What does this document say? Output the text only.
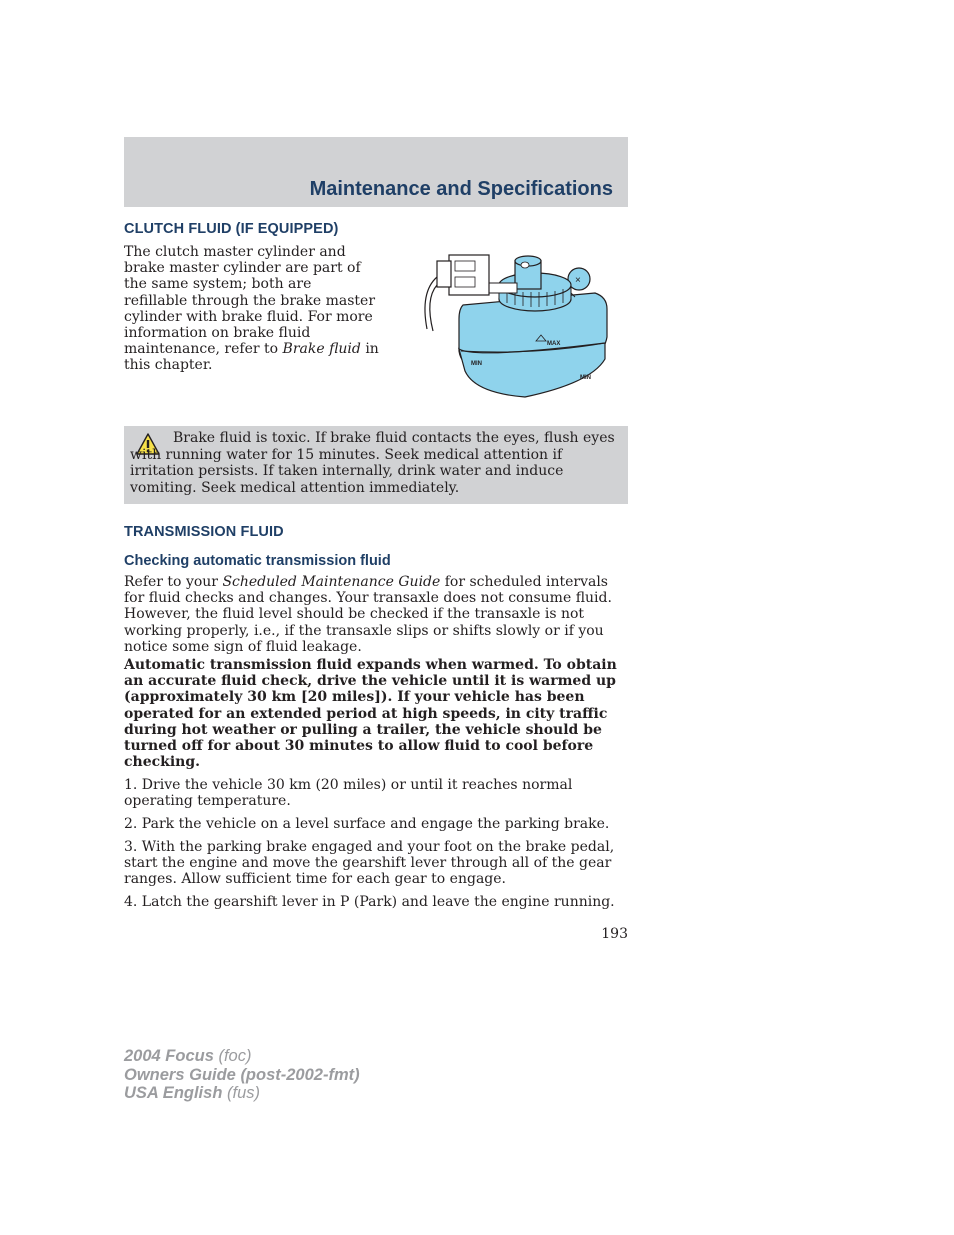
Maintenance and Specifications
CLUTCH FLUID (IF EQUIPPED)

The clutch master cylinder and brake master cylinder are part of the same system; both are refillable through the brake master cylinder with brake fluid. For more information on brake fluid maintenance, refer to Brake fluid in this chapter.

×
MAX
MIN
MIN

Brake fluid is toxic. If brake fluid contacts the eyes, flush eyes with running water for 15 minutes. Seek medical attention if irritation persists. If taken internally, drink water and induce vomiting. Seek medical attention immediately.

TRANSMISSION FLUID
Checking automatic transmission fluid

Refer to your Scheduled Maintenance Guide for scheduled intervals for fluid checks and changes. Your transaxle does not consume fluid. However, the fluid level should be checked if the transaxle is not working properly, i.e., if the transaxle slips or shifts slowly or if you notice some sign of fluid leakage.

Automatic transmission fluid expands when warmed. To obtain an accurate fluid check, drive the vehicle until it is warmed up (approximately 30 km [20 miles]). If your vehicle has been operated for an extended period at high speeds, in city traffic during hot weather or pulling a trailer, the vehicle should be turned off for about 30 minutes to allow fluid to cool before checking.

1. Drive the vehicle 30 km (20 miles) or until it reaches normal operating temperature.

2. Park the vehicle on a level surface and engage the parking brake.

3. With the parking brake engaged and your foot on the brake pedal, start the engine and move the gearshift lever through all of the gear ranges. Allow sufficient time for each gear to engage.

4. Latch the gearshift lever in P (Park) and leave the engine running.

193
2004 Focus (foc)
Owners Guide (post-2002-fmt)
USA English (fus)
